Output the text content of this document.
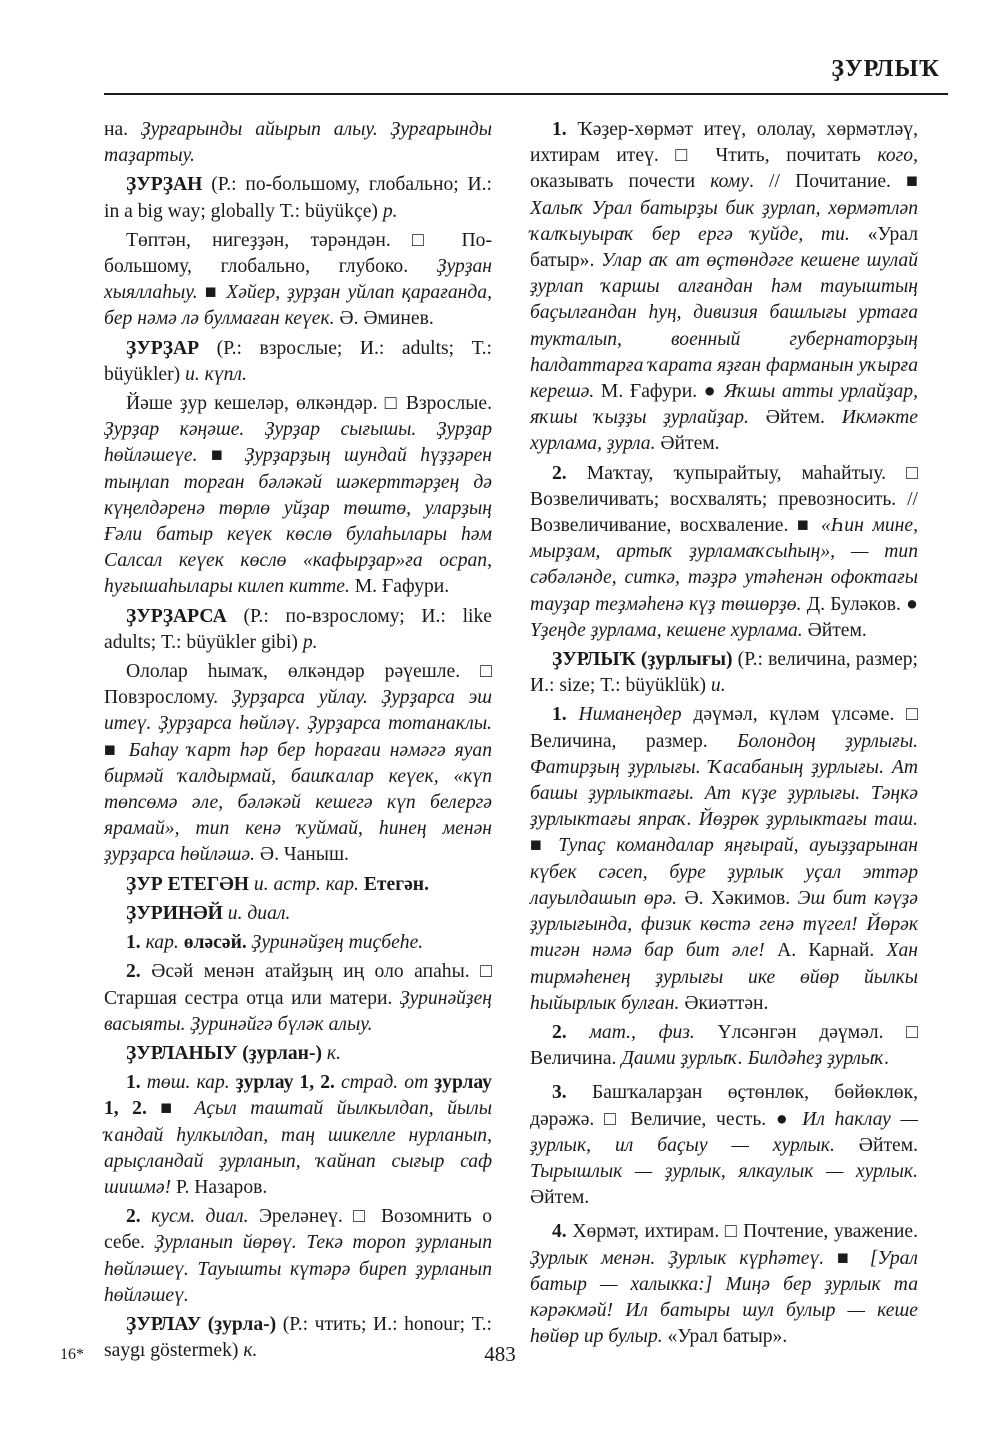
ҘУРЛЫҠ

на. Ҙурғарынды айырып алыу. Ҙурғарынды таҙартыу.

ҘУРҘАН (Р.: по-большому, глобально; И.: in a big way; globally Т.: büyükçe) р.

Төптән, нигеҙҙән, тәрәндән. □ По-большому, глобально, глубоко. Ҙурҙан хыяллаһыу. ■ Хәйер, ҙурҙан уйлап қарағанда, бер нәмә лә булмаған кеүек. Ә. Әминев.

ҘУРҘАР (Р.: взрослые; И.: adults; Т.: büyükler) и. күпл.

Йәше ҙур кешеләр, өлкәндәр. □ Взрослые. Ҙурҙар кәңәше. Ҙурҙар сығышы. Ҙурҙар һөйләшеүе. ■ Ҙурҙарҙың шундай һүҙҙәрен тыңлап торған бәләкәй шәкерттәрҙең дә күңелдәренә төрлө уйҙар төштө, уларҙың Ғәли батыр кеүек көслө булаһылары һәм Салсал кеүек көслө «кафырҙар»ға осрап, һуғышаһылары килеп китте. М. Ғафури.

ҘУРҘАРСА (Р.: по-взрослому; И.: like adults; Т.: büyükler gibi) р.

Ололар һымаҡ, өлкәндәр рәүешле. □ Повзрослому. Ҙурҙарса уйлау. Ҙурҙарса эш итеү. Ҙурҙарса һөйләү. Ҙурҙарса тотанаклы. ■ Баһау ҡарт һәр бер һорағаи нәмәгә яуап бирмәй ҡалдырмай, башҡалар кеүек, «күп төпсөмә әле, бәләкәй кешегә күп белергә ярамай», тип кенә ҡуймай, һинең менән ҙурҙарса һөйләшә. Ә. Чаныш.

ҘУР ЕТЕГӘН и. астр. кар. Етегән.

ҘУРИНӘЙ и. диал.

1. кар. өләсәй. Ҙуринәйҙең тиҫбеһе.

2. Әсәй менән атайҙың иң оло апаһы. □ Старшая сестра отца или матери. Ҙуринәйҙең васыяты. Ҙуринәйгә бүләк алыу.

ҘУРЛАНЫУ (ҙурлан-) к.

1. төш. кар. ҙурлау 1, 2. страд. от ҙурлау 1, 2. ■ Аҫыл таштай йылкылдап, йылы ҡандай һулкылдап, таң шикелле нурланып, арыҫландай ҙурланып, ҡайнап сығыр саф шишмә! Р. Назаров.

2. кусм. диал. Эреләнеү. □ Возомнить о себе. Ҙурланып йөрөү. Текә тороп ҙурланып һөйләшеү. Тауышты күтәрә биреп ҙурланып һөйләшеү.

ҘУРЛАУ (ҙурла-) (Р.: чтить; И.: honour; Т.: saygı göstermek) к.

1. Ҡәҙер-хөрмәт итеү, ололау, хөрмәтләү, ихтирам итеү. □ Чтить, почитать кого, оказывать почести кому. // Почитание. ■ Халыҡ Урал батырҙы бик ҙурлап, хөрмәтләп ҡалҡыуыраҡ бер ергә ҡуйде, ти. «Урал батыр». Улар аҡ ат өҫтөндәге кешене шулай ҙурлап ҡаршы алғандан һәм тауыштың баҫылғандан һуң, дивизия башлығы уртаға тукталып, военный губернаторҙың һалдаттарға ҡарата яҙған фарманын уҡырға керешә. М. Ғафури. ● Яҡшы атты урлайҙар, яҡшы ҡыҙҙы ҙурлайҙар. Әйтем. Икмәкте хурлама, ҙурла. Әйтем.

2. Маҡтау, ҡупырайтыу, маһайтыу. □ Возвеличивать; восхвалять; превозносить. // Возвеличивание, восхваление. ■ «Һин мине, мырҙам, артыҡ ҙурламаҡсыһың», — тип сәбәләнде, ситкә, тәҙрә утәһенән офоктағы тауҙар теҙмәһенә күҙ төшөрҙө. Д. Буләков. ● Үҙеңде ҙурлама, кешене хурлама. Әйтем.

ҘУРЛЫҠ (ҙурлығы) (Р.: величина, размер; И.: size; Т.: büyüklük) и.

1. Ниманеңдер дәүмәл, күләм үлсәме. □ Величина, размер. Болондоң ҙурлығы. Фатирҙың ҙурлығы. Ҡасабаның ҙурлығы. Ат башы ҙурлыктағы. Ат күҙе ҙурлығы. Тәңкә ҙурлыктағы япраҡ. Йөҙрөк ҙурлыктағы таш. ■ Тупаҫ командалар яңғырай, ауыҙҙарынан күбек сәсеп, буре ҙурлык уҫал эттәр лауылдашып өрә. Ә. Хәкимов. Эш бит кәүҙә ҙурлығында, физик көстә генә түгел! Йөрәк тигән нәмә бар бит әле! А. Карнай. Хан тирмәһенең ҙурлығы ике өйөр йылкы һыйырлык булған. Әкиәттән.

2. мат., физ. Үлсәнгән дәүмәл. □ Величина. Даими ҙурлыҡ. Билдәһеҙ ҙурлыҡ.

3. Башҡаларҙан өҫтөнлөк, бөйөклөк, дәрәжә. □ Величие, честь. ● Ил һаклау — ҙурлык, ил баҫыу — хурлык. Әйтем. Тырышлык — ҙурлык, ялкаулык — хурлык. Әйтем.

4. Хөрмәт, ихтирам. □ Почтение, уважение. Ҙурлык менән. Ҙурлык күрһәтеү. ■ [Урал батыр — халыкка:] Миңә бер ҙурлык та кәрәкмәй! Ил батыры шул булыр — кеше һөйөр ир булыр. «Урал батыр».

16*	483
